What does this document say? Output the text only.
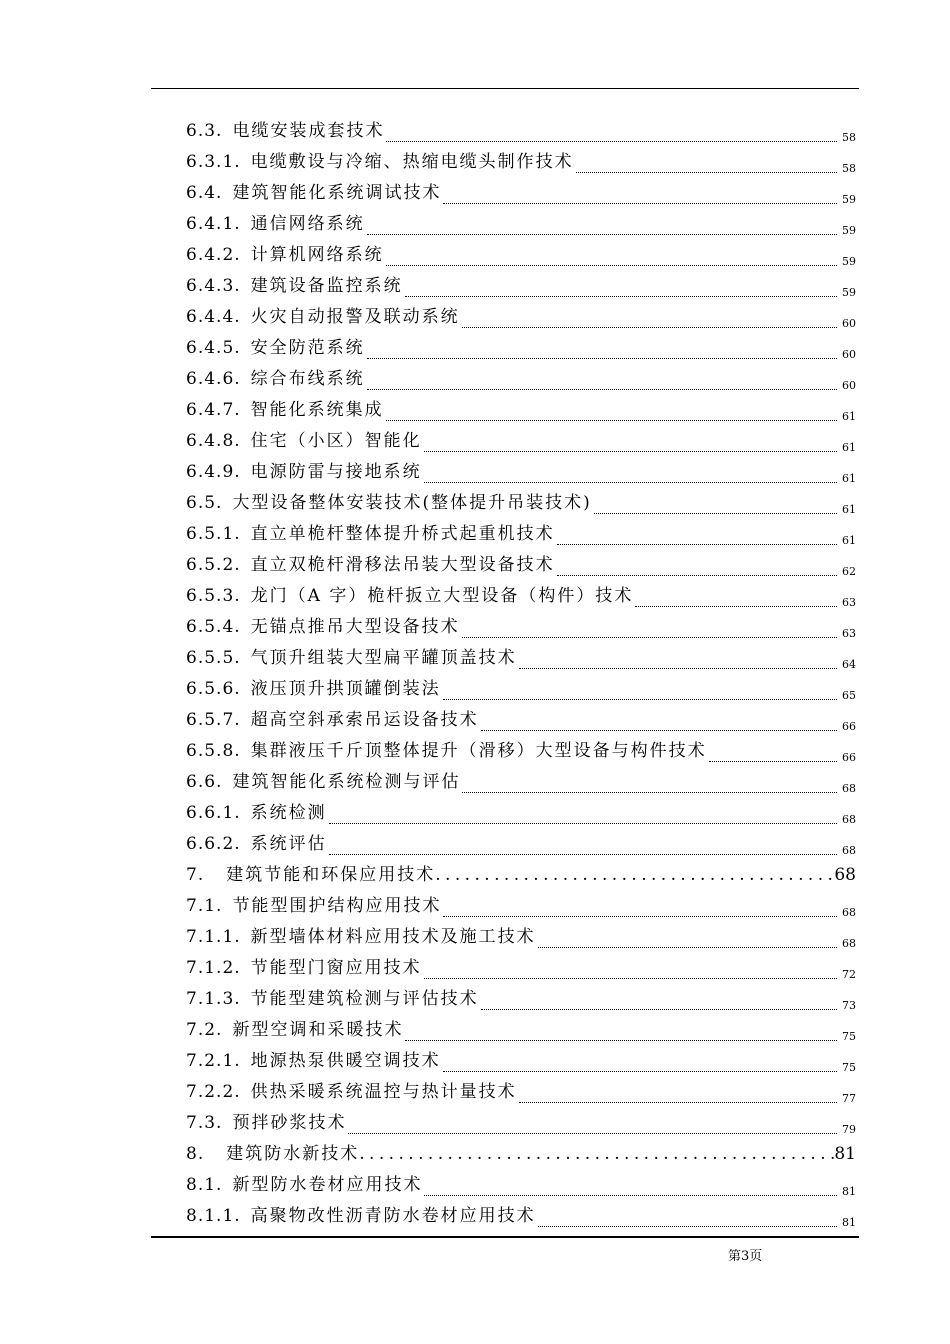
6.3. 电缆安装成套技术	58
6.3.1. 电缆敷设与冷缩、热缩电缆头制作技术	58
6.4. 建筑智能化系统调试技术	59
6.4.1. 通信网络系统	59
6.4.2. 计算机网络系统	59
6.4.3. 建筑设备监控系统	59
6.4.4. 火灾自动报警及联动系统	60
6.4.5. 安全防范系统	60
6.4.6. 综合布线系统	60
6.4.7. 智能化系统集成	61
6.4.8. 住宅（小区）智能化	61
6.4.9. 电源防雷与接地系统	61
6.5. 大型设备整体安装技术(整体提升吊装技术)	61
6.5.1. 直立单桅杆整体提升桥式起重机技术	61
6.5.2. 直立双桅杆滑移法吊装大型设备技术	62
6.5.3. 龙门（A 字）桅杆扳立大型设备（构件）技术	63
6.5.4. 无锚点推吊大型设备技术	63
6.5.5. 气顶升组装大型扁平罐顶盖技术	64
6.5.6. 液压顶升拱顶罐倒装法	65
6.5.7. 超高空斜承索吊运设备技术	66
6.5.8. 集群液压千斤顶整体提升（滑移）大型设备与构件技术	66
6.6. 建筑智能化系统检测与评估	68
6.6.1. 系统检测	68
6.6.2. 系统评估	68
7. 建筑节能和环保应用技术 . . .	68
7.1. 节能型围护结构应用技术	68
7.1.1. 新型墙体材料应用技术及施工技术	68
7.1.2. 节能型门窗应用技术	72
7.1.3. 节能型建筑检测与评估技术	73
7.2. 新型空调和采暖技术	75
7.2.1. 地源热泵供暖空调技术	75
7.2.2. 供热采暖系统温控与热计量技术	77
7.3. 预拌砂浆技术	79
8. 建筑防水新技术 . . .	81
8.1. 新型防水卷材应用技术	81
8.1.1. 高聚物改性沥青防水卷材应用技术	81
第3页
